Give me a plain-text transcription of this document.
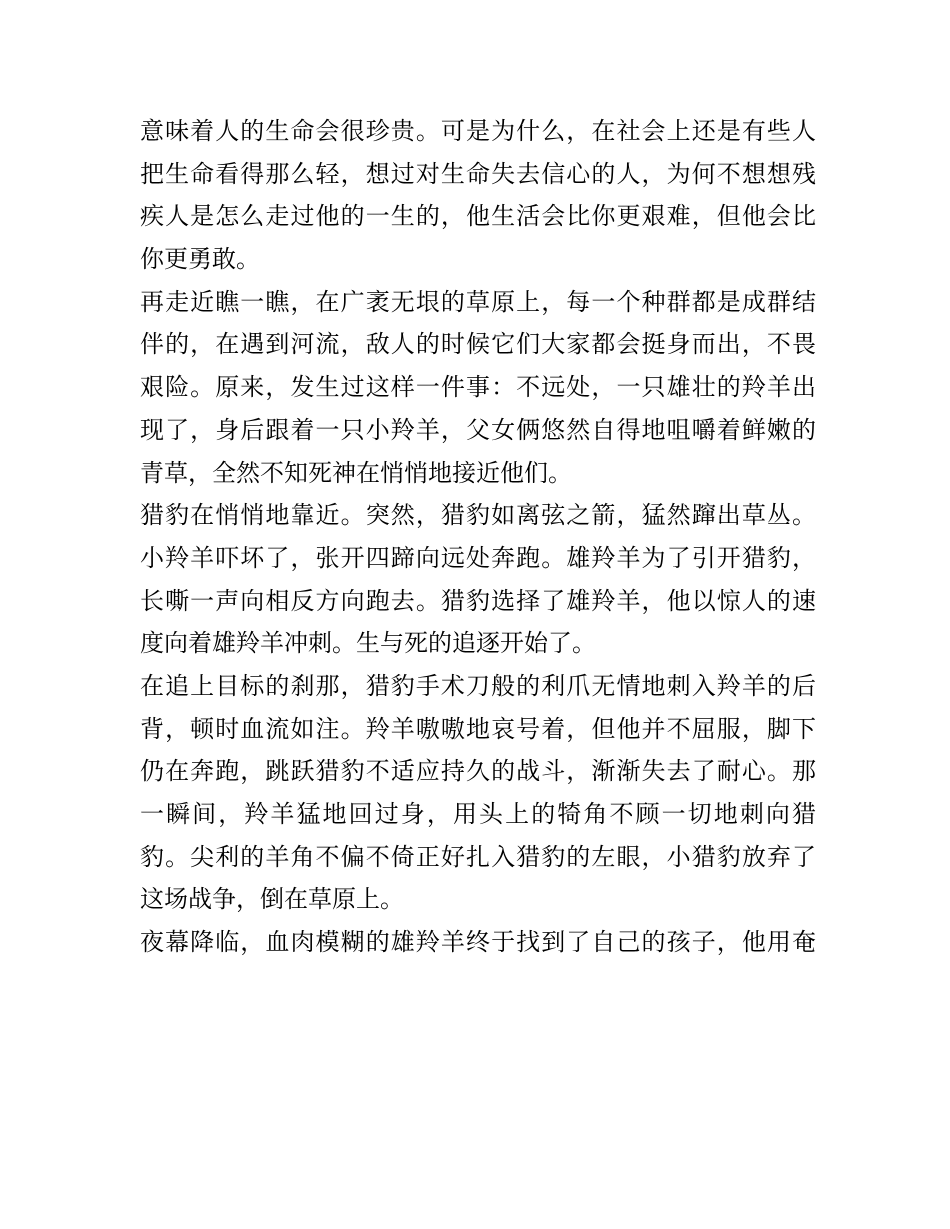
意味着人的生命会很珍贵。可是为什么，在社会上还是有些人
把生命看得那么轻，想过对生命失去信心的人，为何不想想残
疾人是怎么走过他的一生的，他生活会比你更艰难，但他会比
你更勇敢。
再走近瞧一瞧，在广袤无垠的草原上，每一个种群都是成群结
伴的，在遇到河流，敌人的时候它们大家都会挺身而出，不畏
艰险。原来，发生过这样一件事：不远处，一只雄壮的羚羊出
现了，身后跟着一只小羚羊，父女俩悠然自得地咀嚼着鲜嫩的
青草，全然不知死神在悄悄地接近他们。
猎豹在悄悄地靠近。突然，猎豹如离弦之箭，猛然蹿出草丛。
小羚羊吓坏了，张开四蹄向远处奔跑。雄羚羊为了引开猎豹，
长嘶一声向相反方向跑去。猎豹选择了雄羚羊，他以惊人的速
度向着雄羚羊冲刺。生与死的追逐开始了。
在追上目标的刹那，猎豹手术刀般的利爪无情地刺入羚羊的后
背，顿时血流如注。羚羊嗷嗷地哀号着，但他并不屈服，脚下
仍在奔跑，跳跃猎豹不适应持久的战斗，渐渐失去了耐心。那
一瞬间，羚羊猛地回过身，用头上的犄角不顾一切地刺向猎
豹。尖利的羊角不偏不倚正好扎入猎豹的左眼，小猎豹放弃了
这场战争，倒在草原上。
夜幕降临，血肉模糊的雄羚羊终于找到了自己的孩子，他用奄
